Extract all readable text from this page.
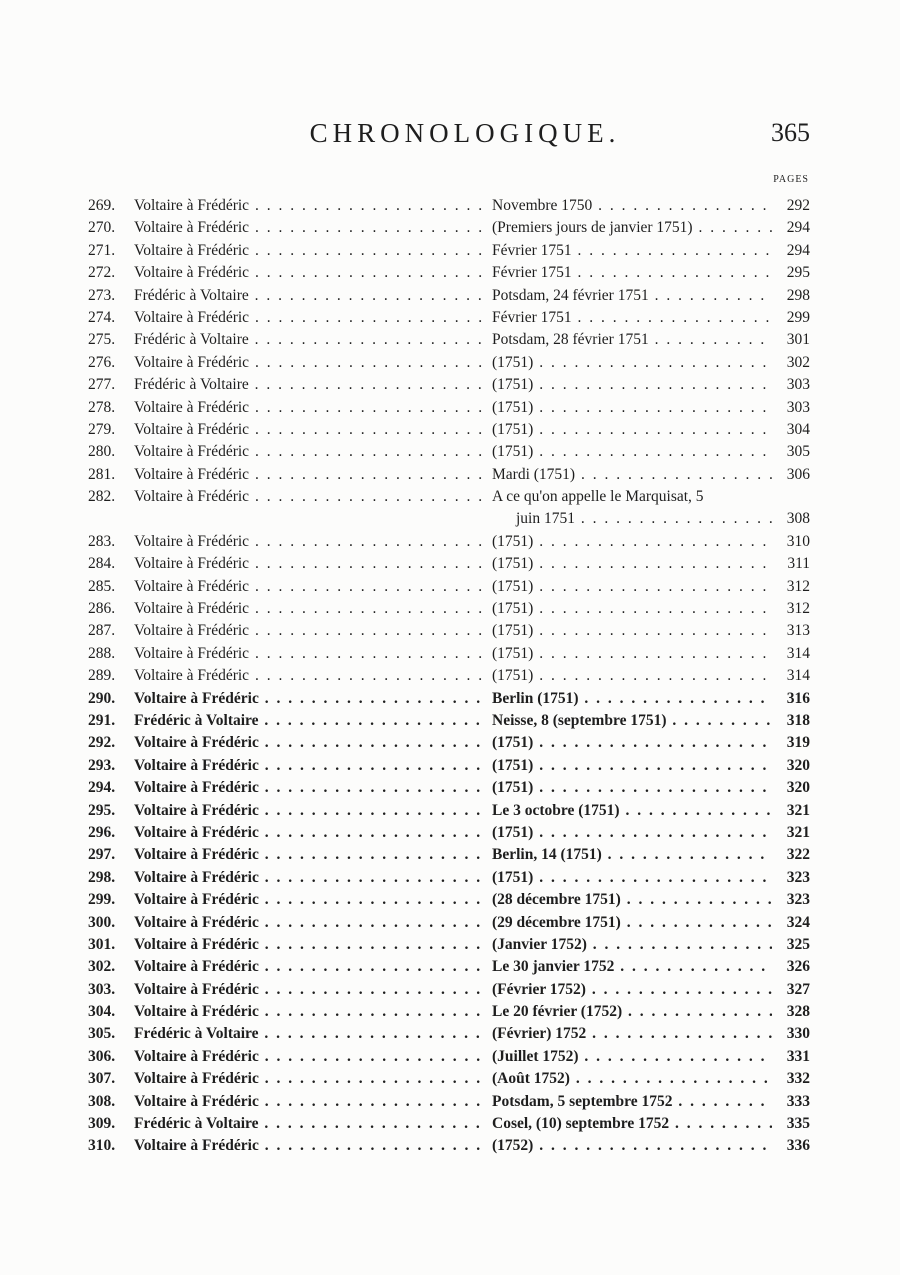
CHRONOLOGIQUE.	365
PAGES
269.	Voltaire à Frédéric . . .	Novembre 1750 . . .	292
270.	Voltaire à Frédéric . . .	(Premiers jours de janvier 1751) . . .	294
271.	Voltaire à Frédéric . . .	Février 1751 . . .	294
272.	Voltaire à Frédéric . . .	Février 1751 . . .	295
273.	Frédéric à Voltaire . . .	Potsdam, 24 février 1751 . . .	298
274.	Voltaire à Frédéric . . .	Février 1751 . . .	299
275.	Frédéric à Voltaire . . .	Potsdam, 28 février 1751 . . .	301
276.	Voltaire à Frédéric . . .	(1751) . . .	302
277.	Frédéric à Voltaire . . .	(1751) . . .	303
278.	Voltaire à Frédéric . . .	(1751) . . .	303
279.	Voltaire à Frédéric . . .	(1751) . . .	304
280.	Voltaire à Frédéric . . .	(1751) . . .	305
281.	Voltaire à Frédéric . . .	Mardi (1751) . . .	306
282.	Voltaire à Frédéric . . .	A ce qu'on appelle le Marquisat, 5
juin 1751 . . .	308
283.	Voltaire à Frédéric . . .	(1751) . . .	310
284.	Voltaire à Frédéric . . .	(1751) . . .	311
285.	Voltaire à Frédéric . . .	(1751) . . .	312
286.	Voltaire à Frédéric . . .	(1751) . . .	312
287.	Voltaire à Frédéric . . .	(1751) . . .	313
288.	Voltaire à Frédéric . . .	(1751) . . .	314
289.	Voltaire à Frédéric . . .	(1751) . . .	314
290.	Voltaire à Frédéric . . .	Berlin (1751) . . .	316
291.	Frédéric à Voltaire . . .	Neisse, 8 (septembre 1751) . . .	318
292.	Voltaire à Frédéric . . .	(1751) . . .	319
293.	Voltaire à Frédéric . . .	(1751) . . .	320
294.	Voltaire à Frédéric . . .	(1751) . . .	320
295.	Voltaire à Frédéric . . .	Le 3 octobre (1751) . . .	321
296.	Voltaire à Frédéric . . .	(1751) . . .	321
297.	Voltaire à Frédéric . . .	Berlin, 14 (1751) . . .	322
298.	Voltaire à Frédéric . . .	(1751) . . .	323
299.	Voltaire à Frédéric . . .	(28 décembre 1751) . . .	323
300.	Voltaire à Frédéric . . .	(29 décembre 1751) . . .	324
301.	Voltaire à Frédéric . . .	(Janvier 1752) . . .	325
302.	Voltaire à Frédéric . . .	Le 30 janvier 1752 . . .	326
303.	Voltaire à Frédéric . . .	(Février 1752) . . .	327
304.	Voltaire à Frédéric . . .	Le 20 février (1752) . . .	328
305.	Frédéric à Voltaire . . .	(Février) 1752 . . .	330
306.	Voltaire à Frédéric . . .	(Juillet 1752) . . .	331
307.	Voltaire à Frédéric . . .	(Août 1752) . . .	332
308.	Voltaire à Frédéric . . .	Potsdam, 5 septembre 1752 . . .	333
309.	Frédéric à Voltaire . . .	Cosel, (10) septembre 1752 . . .	335
310.	Voltaire à Frédéric . . .	(1752) . . .	336
